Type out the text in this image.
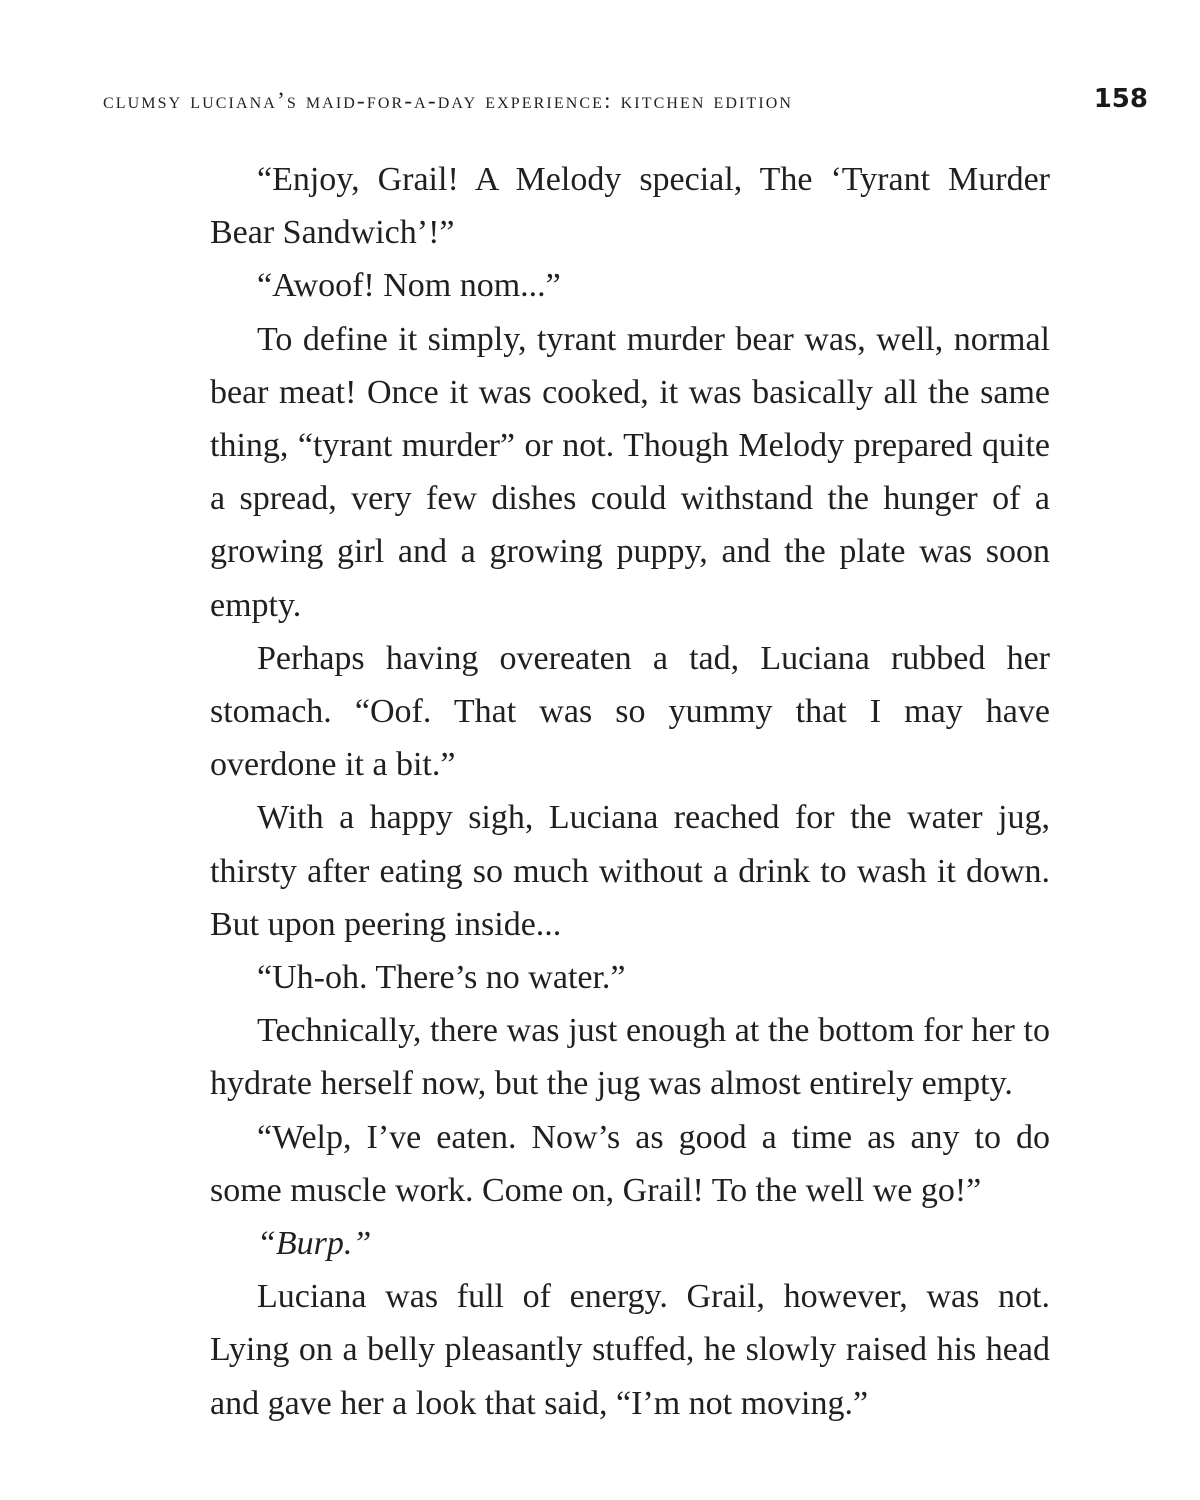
clumsy luciana’s maid-for-a-day experience: kitchen edition	158

“Enjoy, Grail! A Melody special, The ‘Tyrant Murder Bear Sandwich’!”

“Awoof! Nom nom...”

To define it simply, tyrant murder bear was, well, normal bear meat! Once it was cooked, it was basically all the same thing, “tyrant murder” or not. Though Melody prepared quite a spread, very few dishes could withstand the hunger of a growing girl and a growing puppy, and the plate was soon empty.

Perhaps having overeaten a tad, Luciana rubbed her stomach. “Oof. That was so yummy that I may have overdone it a bit.”

With a happy sigh, Luciana reached for the water jug, thirsty after eating so much without a drink to wash it down. But upon peering inside...

“Uh-oh. There’s no water.”

Technically, there was just enough at the bottom for her to hydrate herself now, but the jug was almost entirely empty.

“Welp, I’ve eaten. Now’s as good a time as any to do some muscle work. Come on, Grail! To the well we go!”

“Burp.”

Luciana was full of energy. Grail, however, was not. Lying on a belly pleasantly stuffed, he slowly raised his head and gave her a look that said, “I’m not moving.”
